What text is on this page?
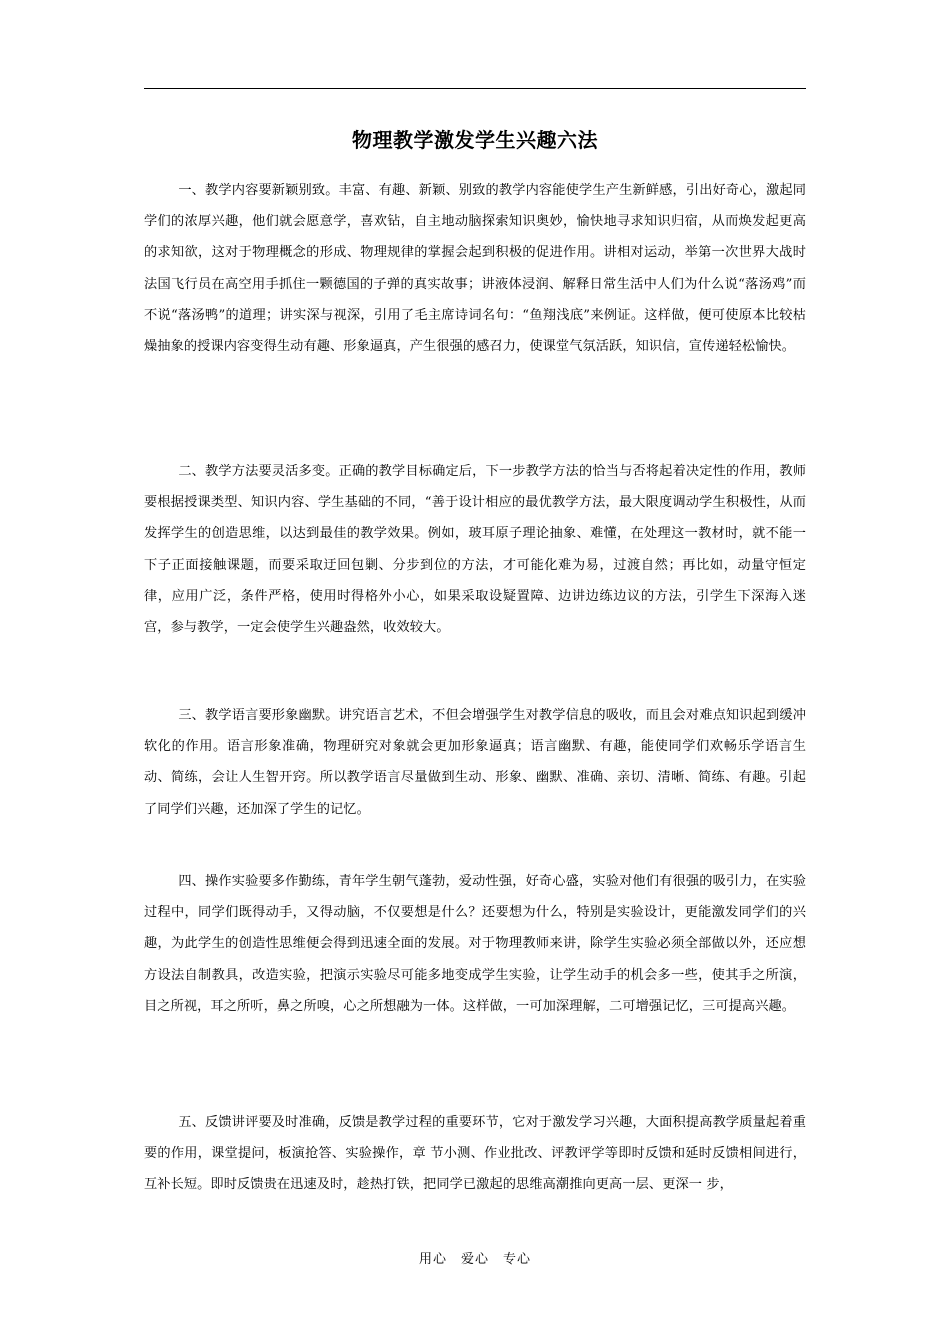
物理教学激发学生兴趣六法

一、教学内容要新颖别致。丰富、有趣、新颖、别致的教学内容能使学生产生新鲜感，引出好奇心，激起同学们的浓厚兴趣，他们就会愿意学，喜欢钻，自主地动脑探索知识奥妙，愉快地寻求知识归宿，从而焕发起更高的求知欲，这对于物理概念的形成、物理规律的掌握会起到积极的促进作用。讲相对运动，举第一次世界大战时法国飞行员在高空用手抓住一颗德国的子弹的真实故事；讲液体浸润、解释日常生活中人们为什么说“落汤鸡”而不说“落汤鸭”的道理；讲实深与视深，引用了毛主席诗词名句：“鱼翔浅底”来例证。这样做，便可使原本比较枯燥抽象的授课内容变得生动有趣、形象逼真，产生很强的感召力，使课堂气氛活跃，知识信，宣传递轻松愉快。

二、教学方法要灵活多变。正确的教学目标确定后，下一步教学方法的恰当与否将起着决定性的作用，教师要根据授课类型、知识内容、学生基础的不同，“善于设计相应的最优教学方法，最大限度调动学生积极性，从而发挥学生的创造思维，以达到最佳的教学效果。例如，玻耳原子理论抽象、难懂，在处理这一教材时，就不能一下子正面接触课题，而要采取迂回包剿、分步到位的方法，才可能化难为易，过渡自然；再比如，动量守恒定律，应用广泛，条件严格，使用时得格外小心，如果采取设疑置障、边讲边练边议的方法，引学生下深海入迷宫，参与教学，一定会使学生兴趣盎然，收效较大。

三、教学语言要形象幽默。讲究语言艺术，不但会增强学生对教学信息的吸收，而且会对难点知识起到缓冲软化的作用。语言形象准确，物理研究对象就会更加形象逼真；语言幽默、有趣，能使同学们欢畅乐学语言生动、简练，会让人生智开窍。所以教学语言尽量做到生动、形象、幽默、准确、亲切、清晰、简练、有趣。引起了同学们兴趣，还加深了学生的记忆。

四、操作实验要多作勤练，青年学生朝气蓬勃，爱动性强，好奇心盛，实验对他们有很强的吸引力，在实验过程中，同学们既得动手，又得动脑，不仅要想是什么？还要想为什么，特别是实验设计，更能激发同学们的兴趣，为此学生的创造性思维便会得到迅速全面的发展。对于物理教师来讲，除学生实验必须全部做以外，还应想方设法自制教具，改造实验，把演示实验尽可能多地变成学生实验，让学生动手的机会多一些，使其手之所演，目之所视，耳之所听，鼻之所嗅，心之所想融为一体。这样做，一可加深理解，二可增强记忆，三可提高兴趣。

五、反馈讲评要及时准确，反馈是教学过程的重要环节，它对于激发学习兴趣，大面积提高教学质量起着重要的作用，课堂提问，板演抢答、实验操作，章 节小测、作业批改、评教评学等即时反馈和延时反馈相间进行，互补长短。即时反馈贵在迅速及时，趁热打铁，把同学已激起的思维高潮推向更高一层、更深一 步，

用心　爱心　专心
